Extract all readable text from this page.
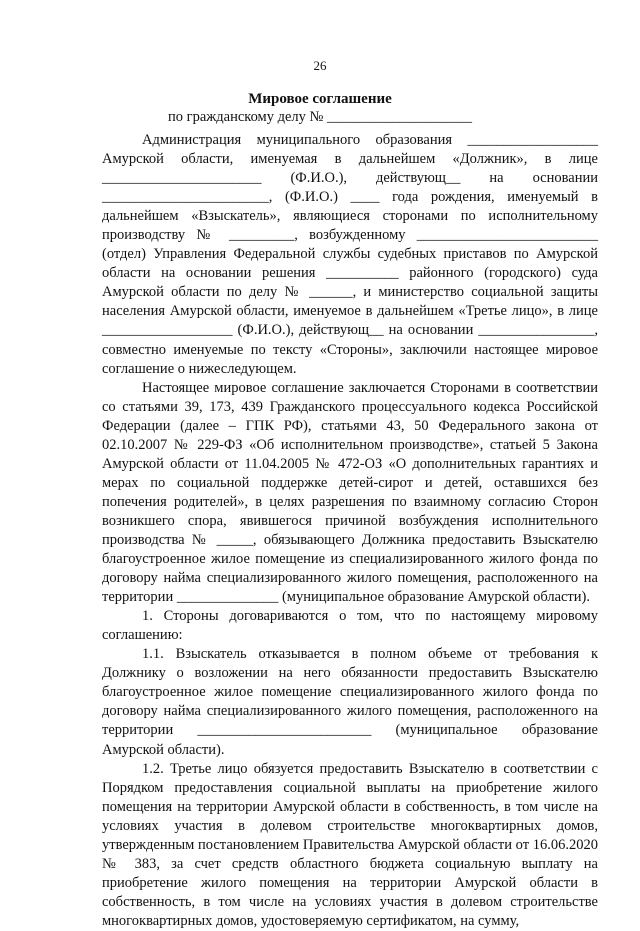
26
Мировое соглашение
по гражданскому делу № ____________________

Администрация муниципального образования __________________ Амурской области, именуемая в дальнейшем «Должник», в лице ______________________ (Ф.И.О.), действующ__ на основании _______________________, (Ф.И.О.) ____ года рождения, именуемый в дальнейшем «Взыскатель», являющиеся сторонами по исполнительному производству № _________, возбужденному _________________________ (отдел) Управления Федеральной службы судебных приставов по Амурской области на основании решения __________ районного (городского) суда Амурской области по делу № ______, и министерство социальной защиты населения Амурской области, именуемое в дальнейшем «Третье лицо», в лице __________________ (Ф.И.О.), действующ__ на основании ________________, совместно именуемые по тексту «Стороны», заключили настоящее мировое соглашение о нижеследующем.

Настоящее мировое соглашение заключается Сторонами в соответствии со статьями 39, 173, 439 Гражданского процессуального кодекса Российской Федерации (далее – ГПК РФ), статьями 43, 50 Федерального закона от 02.10.2007 № 229-ФЗ «Об исполнительном производстве», статьей 5 Закона Амурской области от 11.04.2005 № 472-ОЗ «О дополнительных гарантиях и мерах по социальной поддержке детей-сирот и детей, оставшихся без попечения родителей», в целях разрешения по взаимному согласию Сторон возникшего спора, явившегося причиной возбуждения исполнительного производства № _____, обязывающего Должника предоставить Взыскателю благоустроенное жилое помещение из специализированного жилого фонда по договору найма специализированного жилого помещения, расположенного на территории ______________ (муниципальное образование Амурской области).

1. Стороны договариваются о том, что по настоящему мировому соглашению:

1.1. Взыскатель отказывается в полном объеме от требования к Должнику о возложении на него обязанности предоставить Взыскателю благоустроенное жилое помещение специализированного жилого фонда по договору найма специализированного жилого помещения, расположенного на территории ________________________ (муниципальное образование Амурской области).

1.2. Третье лицо обязуется предоставить Взыскателю в соответствии с Порядком предоставления социальной выплаты на приобретение жилого помещения на территории Амурской области в собственность, в том числе на условиях участия в долевом строительстве многоквартирных домов, утвержденным постановлением Правительства Амурской области от 16.06.2020 № 383, за счет средств областного бюджета социальную выплату на приобретение жилого помещения на территории Амурской области в собственность, в том числе на условиях участия в долевом строительстве многоквартирных домов, удостоверяемую сертификатом, на сумму,
